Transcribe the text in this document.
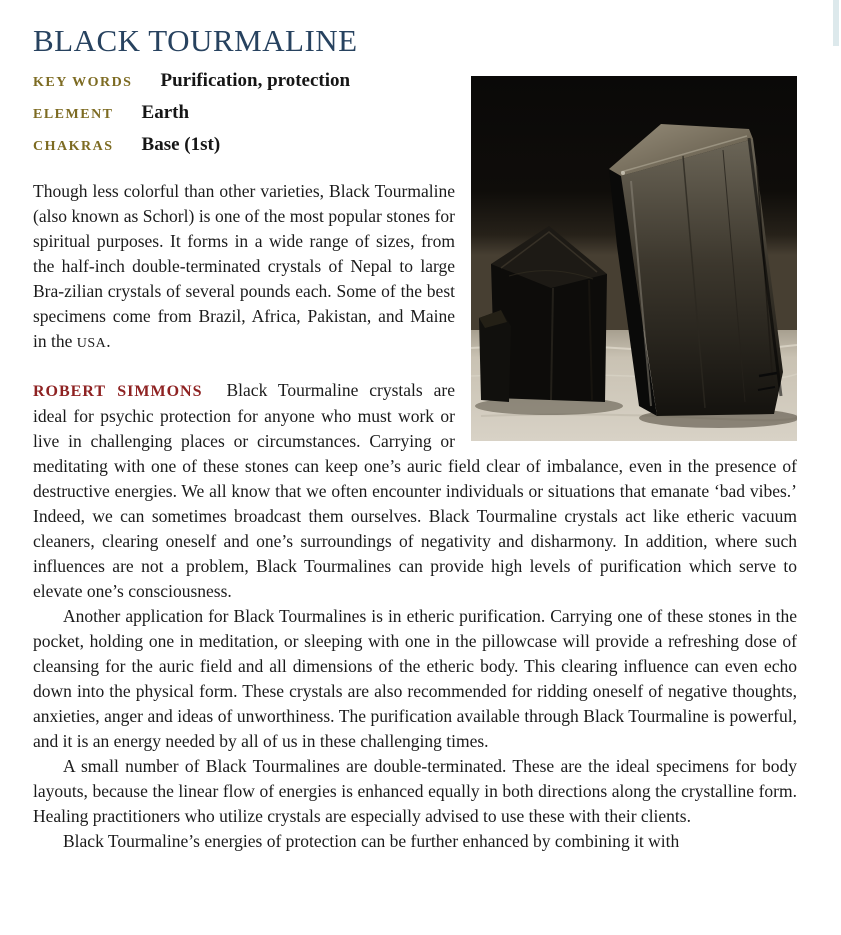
BLACK TOURMALINE
KEY WORDS Purification, protection
ELEMENT Earth
CHAKRAS Base (1st)

Though less colorful than other varieties, Black Tourmaline (also known as Schorl) is one of the most popular stones for spiritual purposes. It forms in a wide range of sizes, from the half-inch double-terminated crystals of Nepal to large Bra-zilian crystals of several pounds each. Some of the best specimens come from Brazil, Africa, Pakistan, and Maine in the USA.

ROBERT SIMMONS Black Tourmaline crystals are ideal for psychic protection for anyone who must work or live in challenging places or circumstances. Carrying or meditating with one of these stones can keep one’s auric field clear of imbalance, even in the presence of destructive energies. We all know that we often encounter individuals or situations that emanate ‘bad vibes.’ Indeed, we can sometimes broadcast them ourselves. Black Tourmaline crystals act like etheric vacuum cleaners, clearing oneself and one’s surroundings of negativity and disharmony. In addition, where such influences are not a problem, Black Tourmalines can provide high levels of purification which serve to elevate one’s consciousness.

Another application for Black Tourmalines is in etheric purification. Carrying one of these stones in the pocket, holding one in meditation, or sleeping with one in the pillowcase will provide a refreshing dose of cleansing for the auric field and all dimensions of the etheric body. This clearing influence can even echo down into the physical form. These crystals are also recommended for ridding oneself of negative thoughts, anxieties, anger and ideas of unworthiness. The purification available through Black Tourmaline is powerful, and it is an energy needed by all of us in these challenging times.

A small number of Black Tourmalines are double-terminated. These are the ideal specimens for body layouts, because the linear flow of energies is enhanced equally in both directions along the crystalline form. Healing practitioners who utilize crystals are especially advised to use these with their clients.

Black Tourmaline’s energies of protection can be further enhanced by combining it with
